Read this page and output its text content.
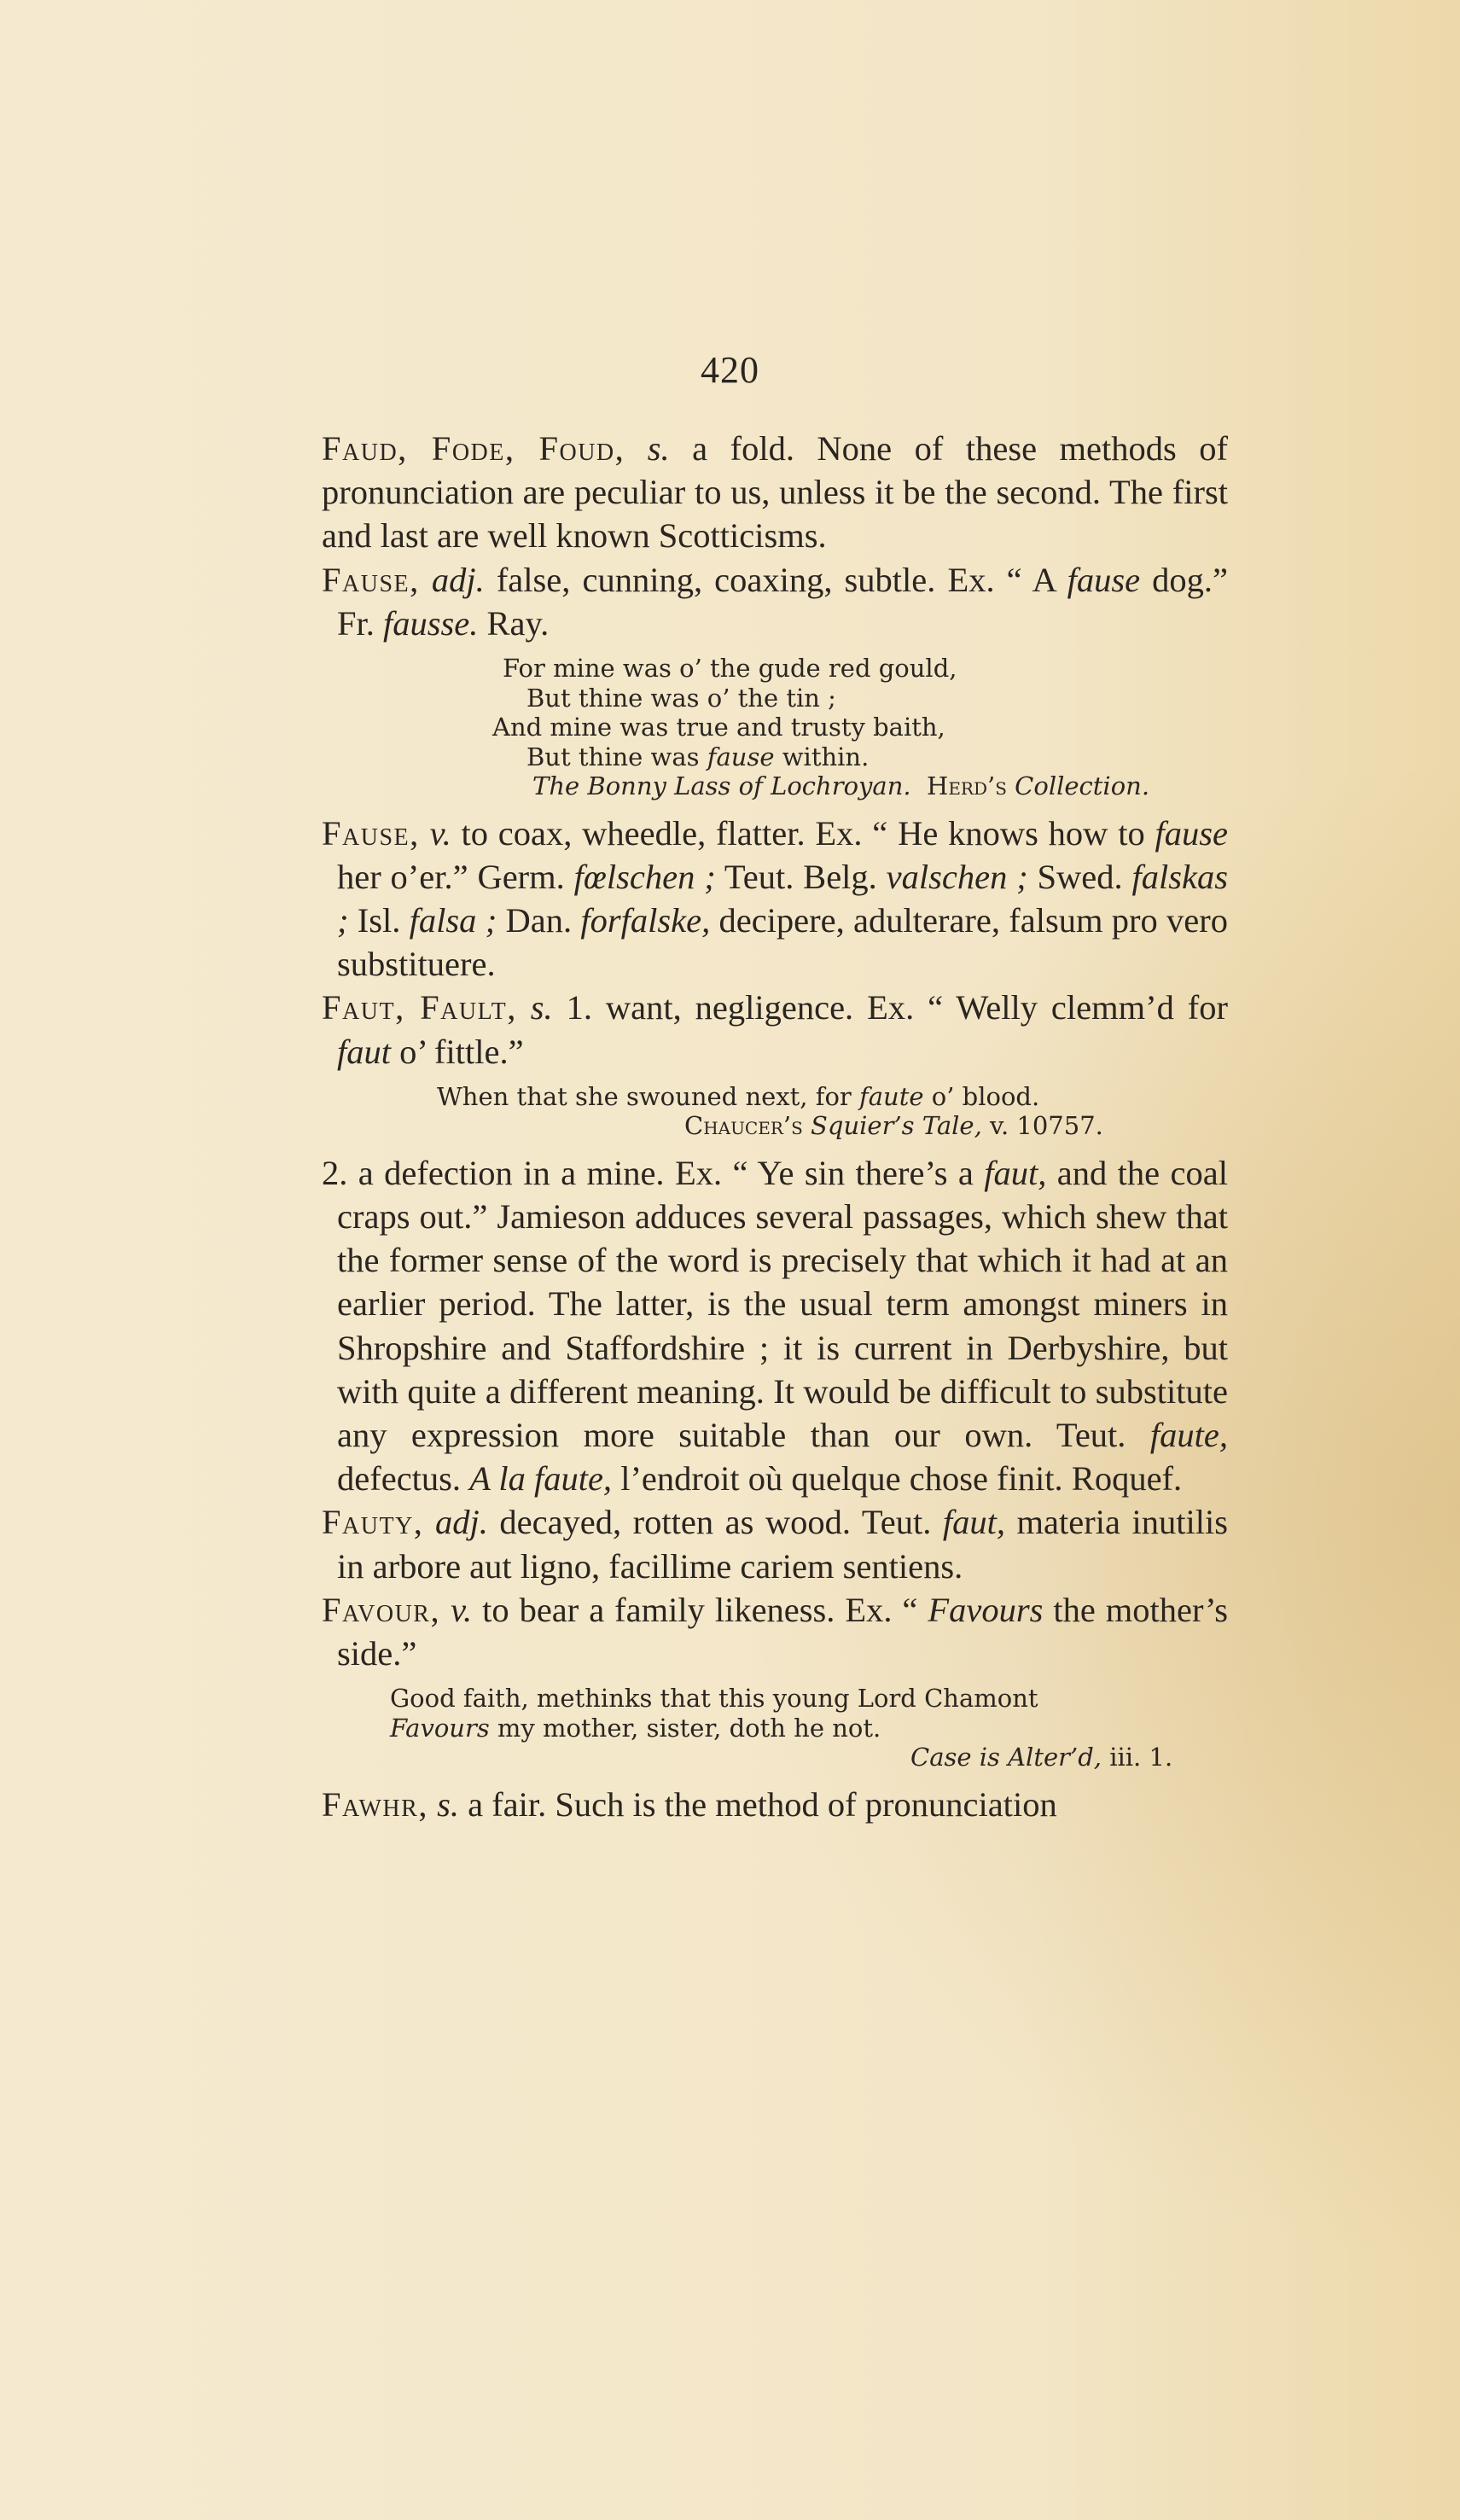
420

Faud, Fode, Foud, s. a fold. None of these methods of pronunciation are peculiar to us, unless it be the second. The first and last are well known Scotticisms.

Fause, adj. false, cunning, coaxing, subtle. Ex. “ A fause dog.” Fr. fausse. Ray.

For mine was o’ the gude red gould,
But thine was o’ the tin ;
And mine was true and trusty baith,
But thine was fause within.
The Bonny Lass of Lochroyan. Herd’s Collection.

Fause, v. to coax, wheedle, flatter. Ex. “ He knows how to fause her o’er.” Germ. fœlschen ; Teut. Belg. valschen ; Swed. falskas ; Isl. falsa ; Dan. forfalske, decipere, adulterare, falsum pro vero substituere.

Faut, Fault, s. 1. want, negligence. Ex. “ Welly clemm’d for faut o’ fittle.”

When that she swouned next, for faute o’ blood.
Chaucer’s Squier’s Tale, v. 10757.

2. a defection in a mine. Ex. “ Ye sin there’s a faut, and the coal craps out.” Jamieson adduces several passages, which shew that the former sense of the word is precisely that which it had at an earlier period. The latter, is the usual term amongst miners in Shropshire and Staffordshire ; it is current in Derbyshire, but with quite a different meaning. It would be difficult to substitute any expression more suitable than our own. Teut. faute, defectus. A la faute, l’endroit où quelque chose finit. Roquef.

Fauty, adj. decayed, rotten as wood. Teut. faut, materia inutilis in arbore aut ligno, facillime cariem sentiens.

Favour, v. to bear a family likeness. Ex. “ Favours the mother’s side.”

Good faith, methinks that this young Lord Chamont
Favours my mother, sister, doth he not.
Case is Alter’d, iii. 1.

Fawhr, s. a fair. Such is the method of pronunciation
